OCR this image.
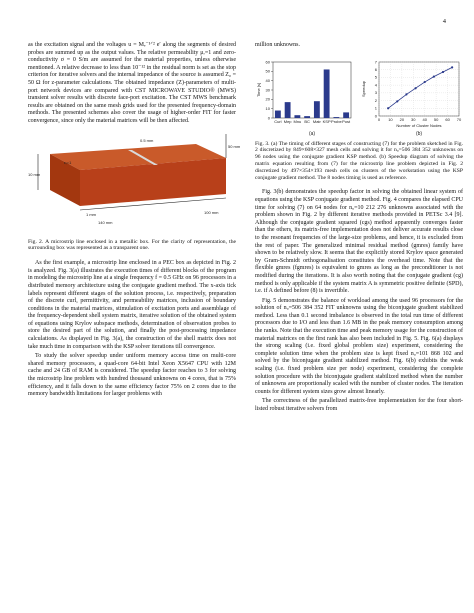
4

as the excitation signal and the voltages u = Mₑ⁻¹ᐟ² e′ along the segments of desired probes are summed up as the output values. The relative permeability μᵣ=1 and zero-conductivity σ = 0 S/m are assumed for the material properties, unless otherwise mentioned. A relative decrease to less than 10⁻¹² in the residual norm is set as the stop criterion for iterative solvers and the internal impedance of the source is assumed Z₀ = 50 Ω for z-parameter calculations. The obtained impedance (Z)-parameters of multi-port network devices are compared with CST MICROWAVE STUDIO® (MWS) transient solver results with discrete face-port excitation. The CST MWS benchmark results are obtained on the same mesh grids used for the presented frequency-domain methods. The presented schemes also cover the usage of higher-order FIT for faster convergence, since only the material matrices will be then affected.

εᵣ=1
0.5 mm
50 mm
10 mm
1 mm
140 mm
100 mm

Fig. 2. A microstrip line enclosed in a metallic box. For the clarity of representation, the surrounding box was represented as a transparent one.

As the first example, a microstrip line enclosed in a PEC box as depicted in Fig. 2 is analyzed. Fig. 3(a) illustrates the execution times of different blocks of the program in modeling the microstrip line at a single frequency f = 0.5 GHz on 96 processors in a distributed memory architecture using the conjugate gradient method. The x-axis tick labels represent different stages of the solution process, i.e. respectively, preparation of the discrete curl, permittivity, and permeability matrices, inclusion of boundary conditions in the material matrices, stimulation of excitation ports and assemblage of the frequency-dependent shell system matrix, iterative solution of the obtained system of equations using Krylov subspace methods, determination of observation probes to store the desired part of the solution, and finally the post-processing impedance calculations. As displayed in Fig. 3(a), the construction of the shell matrix does not take much time in comparison with the KSP solver iterations till convergence.

To study the solver speedup under uniform memory access time on multi-core shared memory processors, a quad-core 64-bit Intel Xeon X5647 CPU with 12M cache and 24 GB of RAM is considered. The speedup factor reaches to 3 for solving the microstrip line problem with hundred thousand unknowns on 4 cores, that is 75% efficiency, and it falls down to the same efficiency factor 75% on 2 cores due to the memory bandwidth limitations for larger problems with

million unknowns.

0
10
20
30
40
50
60
Curl Mep Mnu BC Matr KSP Probe Post
Time [s]
(a)
0
1
2
3
4
5
6
7
0 10 20 30 40 50 60 70
Speedup
Number of Cluster Nodes
(b)

Fig. 3. (a) The timing of different stages of constructing (7) for the problem sketched in Fig. 2 discretized by 849×608×327 mesh cells and solving it for nᵤ=506 384 352 unknowns on 96 nodes using the conjugate gradient KSP method. (b) Speedup diagram of solving the matrix equation resulting from (7) for the microstrip line problem depicted in Fig. 2 discretized by 497×354×193 mesh cells on clusters of the workstation using the KSP conjugate gradient method. The 8 nodes timing is used as reference.

Fig. 3(b) demonstrates the speedup factor in solving the obtained linear system of equations using the KSP conjugate gradient method. Fig. 4 compares the elapsed CPU time for solving (7) on 64 nodes for nᵤ=10 212 276 unknowns associated with the problem shown in Fig. 2 by different iterative methods provided in PETSc 3.4 [9]. Although the conjugate gradient squared (cgs) method apparently converges faster than the others, its matrix-free implementation does not deliver accurate results close to the resonant frequencies of the large-size problems, and hence, it is excluded from the rest of paper. The generalized minimal residual method (gmres) family have shown to be relatively slow. It seems that the explicitly stored Krylov space generated by Gram-Schmidt orthogonalisation constitutes the overhead time. Note that the flexible gmres (fgmres) is equivalent to gmres as long as the preconditioner is not modified during the iterations. It is also worth noting that the conjugate gradient (cg) method is only applicable if the system matrix A is symmetric positive definite (SPD), i.e. if A defined before (8) is invertible.

Fig. 5 demonstrates the balance of workload among the used 96 processors for the solution of nᵤ=506 384 352 FIT unknowns using the biconjugate gradient stabilized method. Less than 0.1 second imbalance is observed in the total run time of different processors due to I/O and less than 1.6 MB in the peak memory consumption among the ranks. Note that the execution time and peak memory usage for the construction of material matrices on the first rank has also been included in Fig. 5. Fig. 6(a) displays the strong scaling (i.e. fixed global problem size) experiment, considering the complete solution time when the problem size is kept fixed nᵤ=101 868 102 and solved by the biconjugate gradient stabilized method. Fig. 6(b) exhibits the weak scaling (i.e. fixed problem size per node) experiment, considering the complete solution procedure with the biconjugate gradient stabilized method when the number of unknowns are proportionally scaled with the number of cluster nodes. The iteration counts for different system sizes grow almost linearly.

The correctness of the parallelized matrix-free implementation for the four short-listed robust iterative solvers from
